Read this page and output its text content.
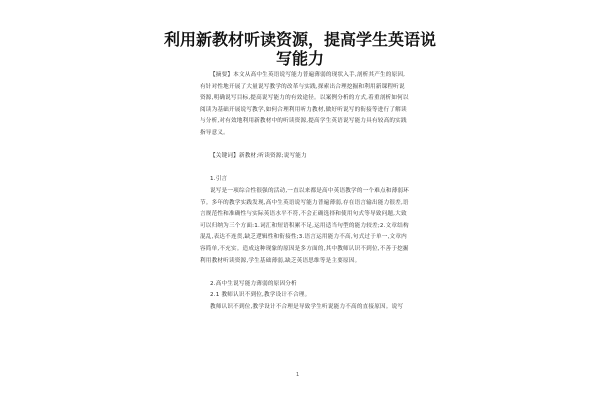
利用新教材听读资源，提高学生英语说
写能力

【摘要】本文从高中生英语说写能力普遍薄弱的现状入手,剖析其产生的原因,有针对性地开展了大量说写教学的改革与实践,探索出合理挖掘和利用新课程听说资源,明确说写目标,提高说写能力的有效途径。以案例分析的方式,着重剖析如何以阅读为基础开展说写教学,如何合理利用听力教材,做好听说写的衔接等进行了解读与分析,对有效地利用新教材中的听读资源,提高学生英语说写能力具有较高的实践指导意义。

【关键词】新教材;听读资源;说写能力

1.引言

说写是一项综合性很强的活动,一直以来都是高中英语教学的一个难点和薄弱环节。多年的教学实践发现,高中生英语说写能力普遍薄弱,存在语言输出能力很差,语言规范性和准确性与实际英语水平不符,不会正确选择和使用句式等导致问题,大致可以归纳为三个方面:1.词汇和短语积累不足,运用适当句型的能力较差;2.文章结构混乱,表达不连贯,缺乏逻辑性和衔接性;3.语言运用能力不高,句式过于单一,文章内容简单,不充实。造成这种现象的原因是多方面的,其中教师认识不到位,不善于挖掘利用教材听读资源,学生基础薄弱,缺乏英语思维等是主要原因。

2.高中生说写能力薄弱的原因分析

2.1 教师认识不到位,教学设计不合理。

教师认识不到位,教学设计不合理是导致学生听说能力不高的直接原因。说写

1
